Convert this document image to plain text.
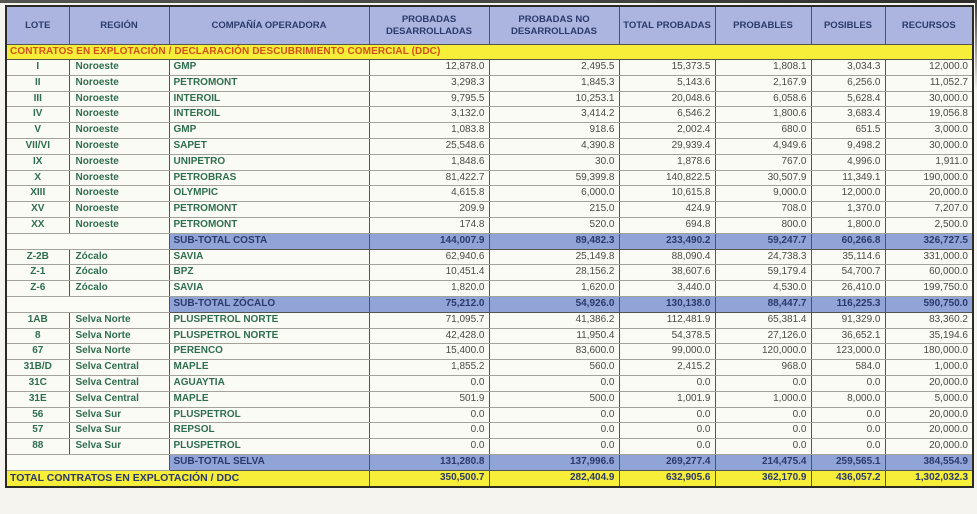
LOTE	REGIÓN	COMPAÑÍA OPERADORA	PROBADAS DESARROLLADAS	PROBADAS NO DESARROLLADAS	TOTAL PROBADAS	PROBABLES	POSIBLES	RECURSOS
CONTRATOS EN EXPLOTACIÓN / DECLARACIÓN DESCUBRIMIENTO COMERCIAL (DDC)								
I	Noroeste	GMP	12,878.0	2,495.5	15,373.5	1,808.1	3,034.3	12,000.0
II	Noroeste	PETROMONT	3,298.3	1,845.3	5,143.6	2,167.9	6,256.0	11,052.7
III	Noroeste	INTEROIL	9,795.5	10,253.1	20,048.6	6,058.6	5,628.4	30,000.0
IV	Noroeste	INTEROIL	3,132.0	3,414.2	6,546.2	1,800.6	3,683.4	19,056.8
V	Noroeste	GMP	1,083.8	918.6	2,002.4	680.0	651.5	3,000.0
VII/VI	Noroeste	SAPET	25,548.6	4,390.8	29,939.4	4,949.6	9,498.2	30,000.0
IX	Noroeste	UNIPETRO	1,848.6	30.0	1,878.6	767.0	4,996.0	1,911.0
X	Noroeste	PETROBRAS	81,422.7	59,399.8	140,822.5	30,507.9	11,349.1	190,000.0
XIII	Noroeste	OLYMPIC	4,615.8	6,000.0	10,615.8	9,000.0	12,000.0	20,000.0
XV	Noroeste	PETROMONT	209.9	215.0	424.9	708.0	1,370.0	7,207.0
XX	Noroeste	PETROMONT	174.8	520.0	694.8	800.0	1,800.0	2,500.0
		SUB-TOTAL COSTA	144,007.9	89,482.3	233,490.2	59,247.7	60,266.8	326,727.5
Z-2B	Zócalo	SAVIA	62,940.6	25,149.8	88,090.4	24,738.3	35,114.6	331,000.0
Z-1	Zócalo	BPZ	10,451.4	28,156.2	38,607.6	59,179.4	54,700.7	60,000.0
Z-6	Zócalo	SAVIA	1,820.0	1,620.0	3,440.0	4,530.0	26,410.0	199,750.0
		SUB-TOTAL ZÓCALO	75,212.0	54,926.0	130,138.0	88,447.7	116,225.3	590,750.0
1AB	Selva Norte	PLUSPETROL NORTE	71,095.7	41,386.2	112,481.9	65,381.4	91,329.0	83,360.2
8	Selva Norte	PLUSPETROL NORTE	42,428.0	11,950.4	54,378.5	27,126.0	36,652.1	35,194.6
67	Selva Norte	PERENCO	15,400.0	83,600.0	99,000.0	120,000.0	123,000.0	180,000.0
31B/D	Selva Central	MAPLE	1,855.2	560.0	2,415.2	968.0	584.0	1,000.0
31C	Selva Central	AGUAYTIA	0.0	0.0	0.0	0.0	0.0	20,000.0
31E	Selva Central	MAPLE	501.9	500.0	1,001.9	1,000.0	8,000.0	5,000.0
56	Selva Sur	PLUSPETROL	0.0	0.0	0.0	0.0	0.0	20,000.0
57	Selva Sur	REPSOL	0.0	0.0	0.0	0.0	0.0	20,000.0
88	Selva Sur	PLUSPETROL	0.0	0.0	0.0	0.0	0.0	20,000.0
		SUB-TOTAL SELVA	131,280.8	137,996.6	269,277.4	214,475.4	259,565.1	384,554.9
TOTAL CONTRATOS EN EXPLOTACIÓN / DDC			350,500.7	282,404.9	632,905.6	362,170.9	436,057.2	1,302,032.3
